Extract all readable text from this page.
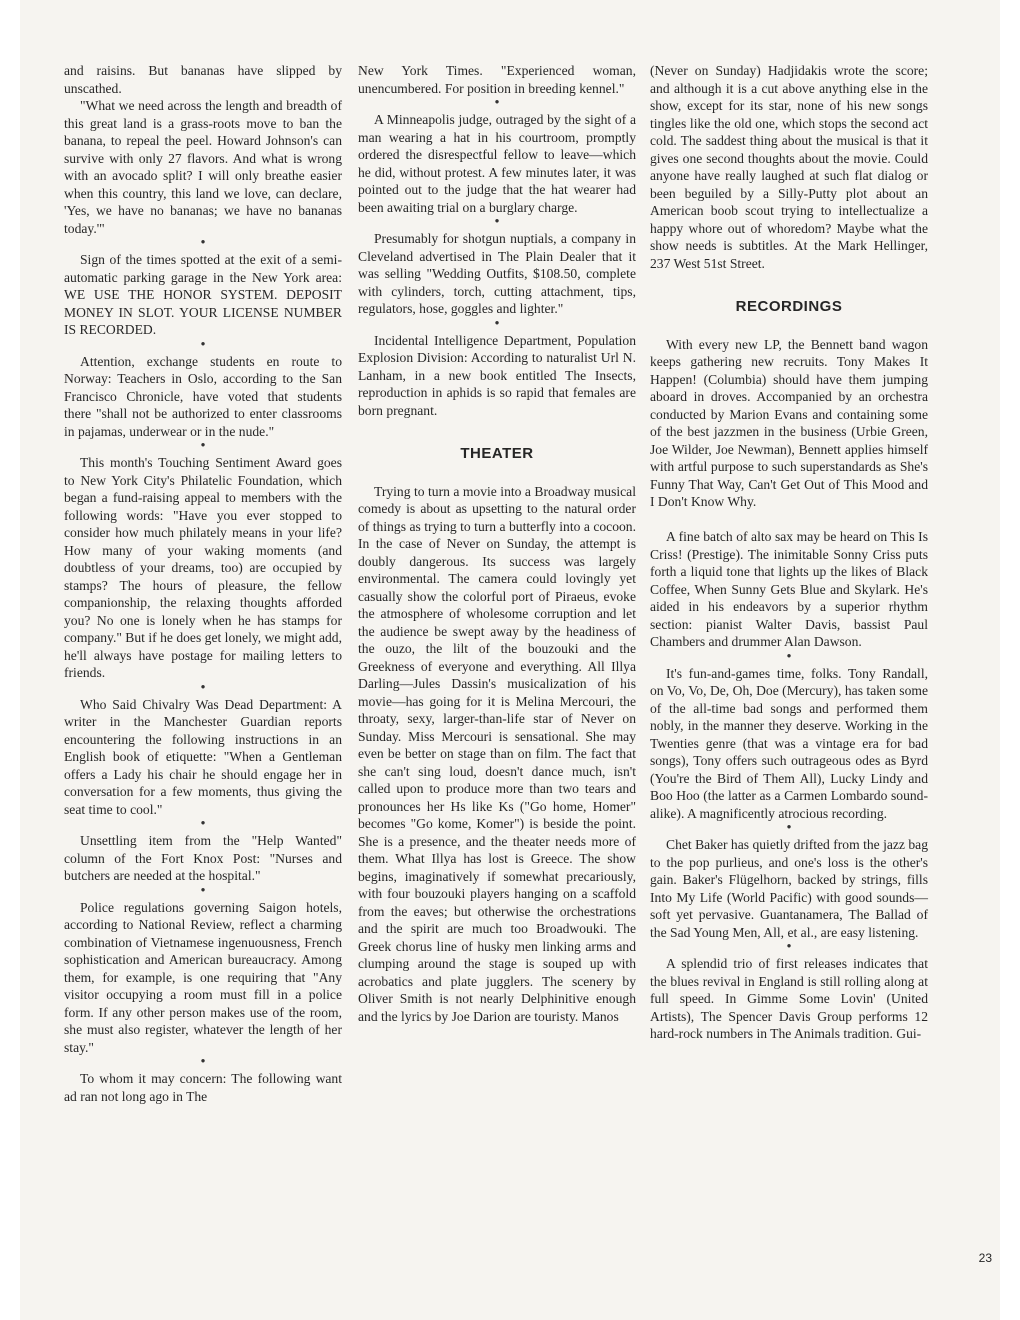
and raisins. But bananas have slipped by unscathed.

"What we need across the length and breadth of this great land is a grass-roots move to ban the banana, to repeal the peel. Howard Johnson's can survive with only 27 flavors. And what is wrong with an avocado split? I will only breathe easier when this country, this land we love, can declare, 'Yes, we have no bananas; we have no bananas today.'"

●

Sign of the times spotted at the exit of a semi-automatic parking garage in the New York area: WE USE THE HONOR SYSTEM. DEPOSIT MONEY IN SLOT. YOUR LICENSE NUMBER IS RECORDED.

●

Attention, exchange students en route to Norway: Teachers in Oslo, according to the San Francisco Chronicle, have voted that students there "shall not be authorized to enter classrooms in pajamas, underwear or in the nude."

●

This month's Touching Sentiment Award goes to New York City's Philatelic Foundation, which began a fund-raising appeal to members with the following words: "Have you ever stopped to consider how much philately means in your life? How many of your waking moments (and doubtless of your dreams, too) are occupied by stamps? The hours of pleasure, the fellow companionship, the relaxing thoughts afforded you? No one is lonely when he has stamps for company." But if he does get lonely, we might add, he'll always have postage for mailing letters to friends.

●

Who Said Chivalry Was Dead Department: A writer in the Manchester Guardian reports encountering the following instructions in an English book of etiquette: "When a Gentleman offers a Lady his chair he should engage her in conversation for a few moments, thus giving the seat time to cool."

●

Unsettling item from the "Help Wanted" column of the Fort Knox Post: "Nurses and butchers are needed at the hospital."

●

Police regulations governing Saigon hotels, according to National Review, reflect a charming combination of Vietnamese ingenuousness, French sophistication and American bureaucracy. Among them, for example, is one requiring that "Any visitor occupying a room must fill in a police form. If any other person makes use of the room, she must also register, whatever the length of her stay."

●

To whom it may concern: The following want ad ran not long ago in The

New York Times. "Experienced woman, unencumbered. For position in breeding kennel."

●

A Minneapolis judge, outraged by the sight of a man wearing a hat in his courtroom, promptly ordered the disrespectful fellow to leave—which he did, without protest. A few minutes later, it was pointed out to the judge that the hat wearer had been awaiting trial on a burglary charge.

●

Presumably for shotgun nuptials, a company in Cleveland advertised in The Plain Dealer that it was selling "Wedding Outfits, $108.50, complete with cylinders, torch, cutting attachment, tips, regulators, hose, goggles and lighter."

●

Incidental Intelligence Department, Population Explosion Division: According to naturalist Url N. Lanham, in a new book entitled The Insects, reproduction in aphids is so rapid that females are born pregnant.

THEATER

Trying to turn a movie into a Broadway musical comedy is about as upsetting to the natural order of things as trying to turn a butterfly into a cocoon. In the case of Never on Sunday, the attempt is doubly dangerous. Its success was largely environmental. The camera could lovingly yet casually show the colorful port of Piraeus, evoke the atmosphere of wholesome corruption and let the audience be swept away by the headiness of the ouzo, the lilt of the bouzouki and the Greekness of everyone and everything. All Illya Darling—Jules Dassin's musicalization of his movie—has going for it is Melina Mercouri, the throaty, sexy, larger-than-life star of Never on Sunday. Miss Mercouri is sensational. She may even be better on stage than on film. The fact that she can't sing loud, doesn't dance much, isn't called upon to produce more than two tears and pronounces her Hs like Ks ("Go home, Homer" becomes "Go kome, Komer") is beside the point. She is a presence, and the theater needs more of them. What Illya has lost is Greece. The show begins, imaginatively if somewhat precariously, with four bouzouki players hanging on a scaffold from the eaves; but otherwise the orchestrations and the spirit are much too Broadwouki. The Greek chorus line of husky men linking arms and clumping around the stage is souped up with acrobatics and plate jugglers. The scenery by Oliver Smith is not nearly Delphinitive enough and the lyrics by Joe Darion are touristy. Manos

(Never on Sunday) Hadjidakis wrote the score; and although it is a cut above anything else in the show, except for its star, none of his new songs tingles like the old one, which stops the second act cold. The saddest thing about the musical is that it gives one second thoughts about the movie. Could anyone have really laughed at such flat dialog or been beguiled by a Silly-Putty plot about an American boob scout trying to intellectualize a happy whore out of whoredom? Maybe what the show needs is subtitles. At the Mark Hellinger, 237 West 51st Street.

RECORDINGS

With every new LP, the Bennett band wagon keeps gathering new recruits. Tony Makes It Happen! (Columbia) should have them jumping aboard in droves. Accompanied by an orchestra conducted by Marion Evans and containing some of the best jazzmen in the business (Urbie Green, Joe Wilder, Joe Newman), Bennett applies himself with artful purpose to such superstandards as She's Funny That Way, Can't Get Out of This Mood and I Don't Know Why.

A fine batch of alto sax may be heard on This Is Criss! (Prestige). The inimitable Sonny Criss puts forth a liquid tone that lights up the likes of Black Coffee, When Sunny Gets Blue and Skylark. He's aided in his endeavors by a superior rhythm section: pianist Walter Davis, bassist Paul Chambers and drummer Alan Dawson.

●

It's fun-and-games time, folks. Tony Randall, on Vo, Vo, De, Oh, Doe (Mercury), has taken some of the all-time bad songs and performed them nobly, in the manner they deserve. Working in the Twenties genre (that was a vintage era for bad songs), Tony offers such outrageous odes as Byrd (You're the Bird of Them All), Lucky Lindy and Boo Hoo (the latter as a Carmen Lombardo sound-alike). A magnificently atrocious recording.

●

Chet Baker has quietly drifted from the jazz bag to the pop purlieus, and one's loss is the other's gain. Baker's Flügelhorn, backed by strings, fills Into My Life (World Pacific) with good sounds—soft yet pervasive. Guantanamera, The Ballad of the Sad Young Men, All, et al., are easy listening.

●

A splendid trio of first releases indicates that the blues revival in England is still rolling along at full speed. In Gimme Some Lovin' (United Artists), The Spencer Davis Group performs 12 hard-rock numbers in The Animals tradition. Gui-

23
